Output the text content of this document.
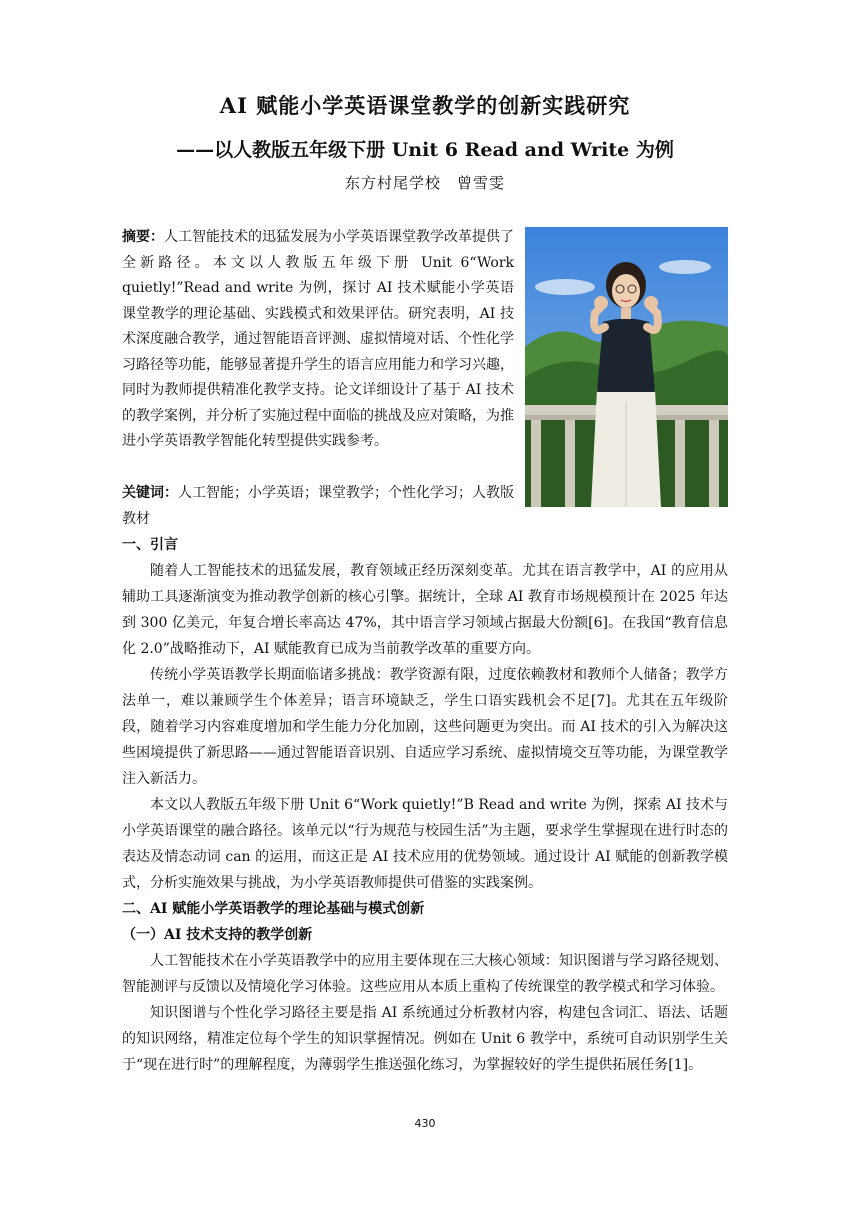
AI 赋能小学英语课堂教学的创新实践研究
——以人教版五年级下册 Unit 6 Read and Write 为例
东方村尾学校　曾雪雯
摘要：人工智能技术的迅猛发展为小学英语课堂教学改革提供了全新路径。本文以人教版五年级下册 Unit 6“Work quietly!”Read and write 为例，探讨 AI 技术赋能小学英语课堂教学的理论基础、实践模式和效果评估。研究表明，AI 技术深度融合教学，通过智能语音评测、虚拟情境对话、个性化学习路径等功能，能够显著提升学生的语言应用能力和学习兴趣，同时为教师提供精准化教学支持。论文详细设计了基于 AI 技术的教学案例，并分析了实施过程中面临的挑战及应对策略，为推进小学英语教学智能化转型提供实践参考。
关键词：人工智能；小学英语；课堂教学；个性化学习；人教版教材

一、引言

随着人工智能技术的迅猛发展，教育领域正经历深刻变革。尤其在语言教学中，AI 的应用从辅助工具逐渐演变为推动教学创新的核心引擎。据统计，全球 AI 教育市场规模预计在 2025 年达到 300 亿美元，年复合增长率高达 47%，其中语言学习领域占据最大份额[6]。在我国“教育信息化 2.0”战略推动下，AI 赋能教育已成为当前教学改革的重要方向。

传统小学英语教学长期面临诸多挑战：教学资源有限，过度依赖教材和教师个人储备；教学方法单一，难以兼顾学生个体差异；语言环境缺乏，学生口语实践机会不足[7]。尤其在五年级阶段，随着学习内容难度增加和学生能力分化加剧，这些问题更为突出。而 AI 技术的引入为解决这些困境提供了新思路——通过智能语音识别、自适应学习系统、虚拟情境交互等功能，为课堂教学注入新活力。

本文以人教版五年级下册 Unit 6“Work quietly!”B Read and write 为例，探索 AI 技术与小学英语课堂的融合路径。该单元以“行为规范与校园生活”为主题，要求学生掌握现在进行时态的表达及情态动词 can 的运用，而这正是 AI 技术应用的优势领域。通过设计 AI 赋能的创新教学模式，分析实施效果与挑战，为小学英语教师提供可借鉴的实践案例。

二、AI 赋能小学英语教学的理论基础与模式创新

（一）AI 技术支持的教学创新

人工智能技术在小学英语教学中的应用主要体现在三大核心领域：知识图谱与学习路径规划、智能测评与反馈以及情境化学习体验。这些应用从本质上重构了传统课堂的教学模式和学习体验。

知识图谱与个性化学习路径主要是指 AI 系统通过分析教材内容，构建包含词汇、语法、话题的知识网络，精准定位每个学生的知识掌握情况。例如在 Unit 6 教学中，系统可自动识别学生关于“现在进行时”的理解程度，为薄弱学生推送强化练习，为掌握较好的学生提供拓展任务[1]。

430
